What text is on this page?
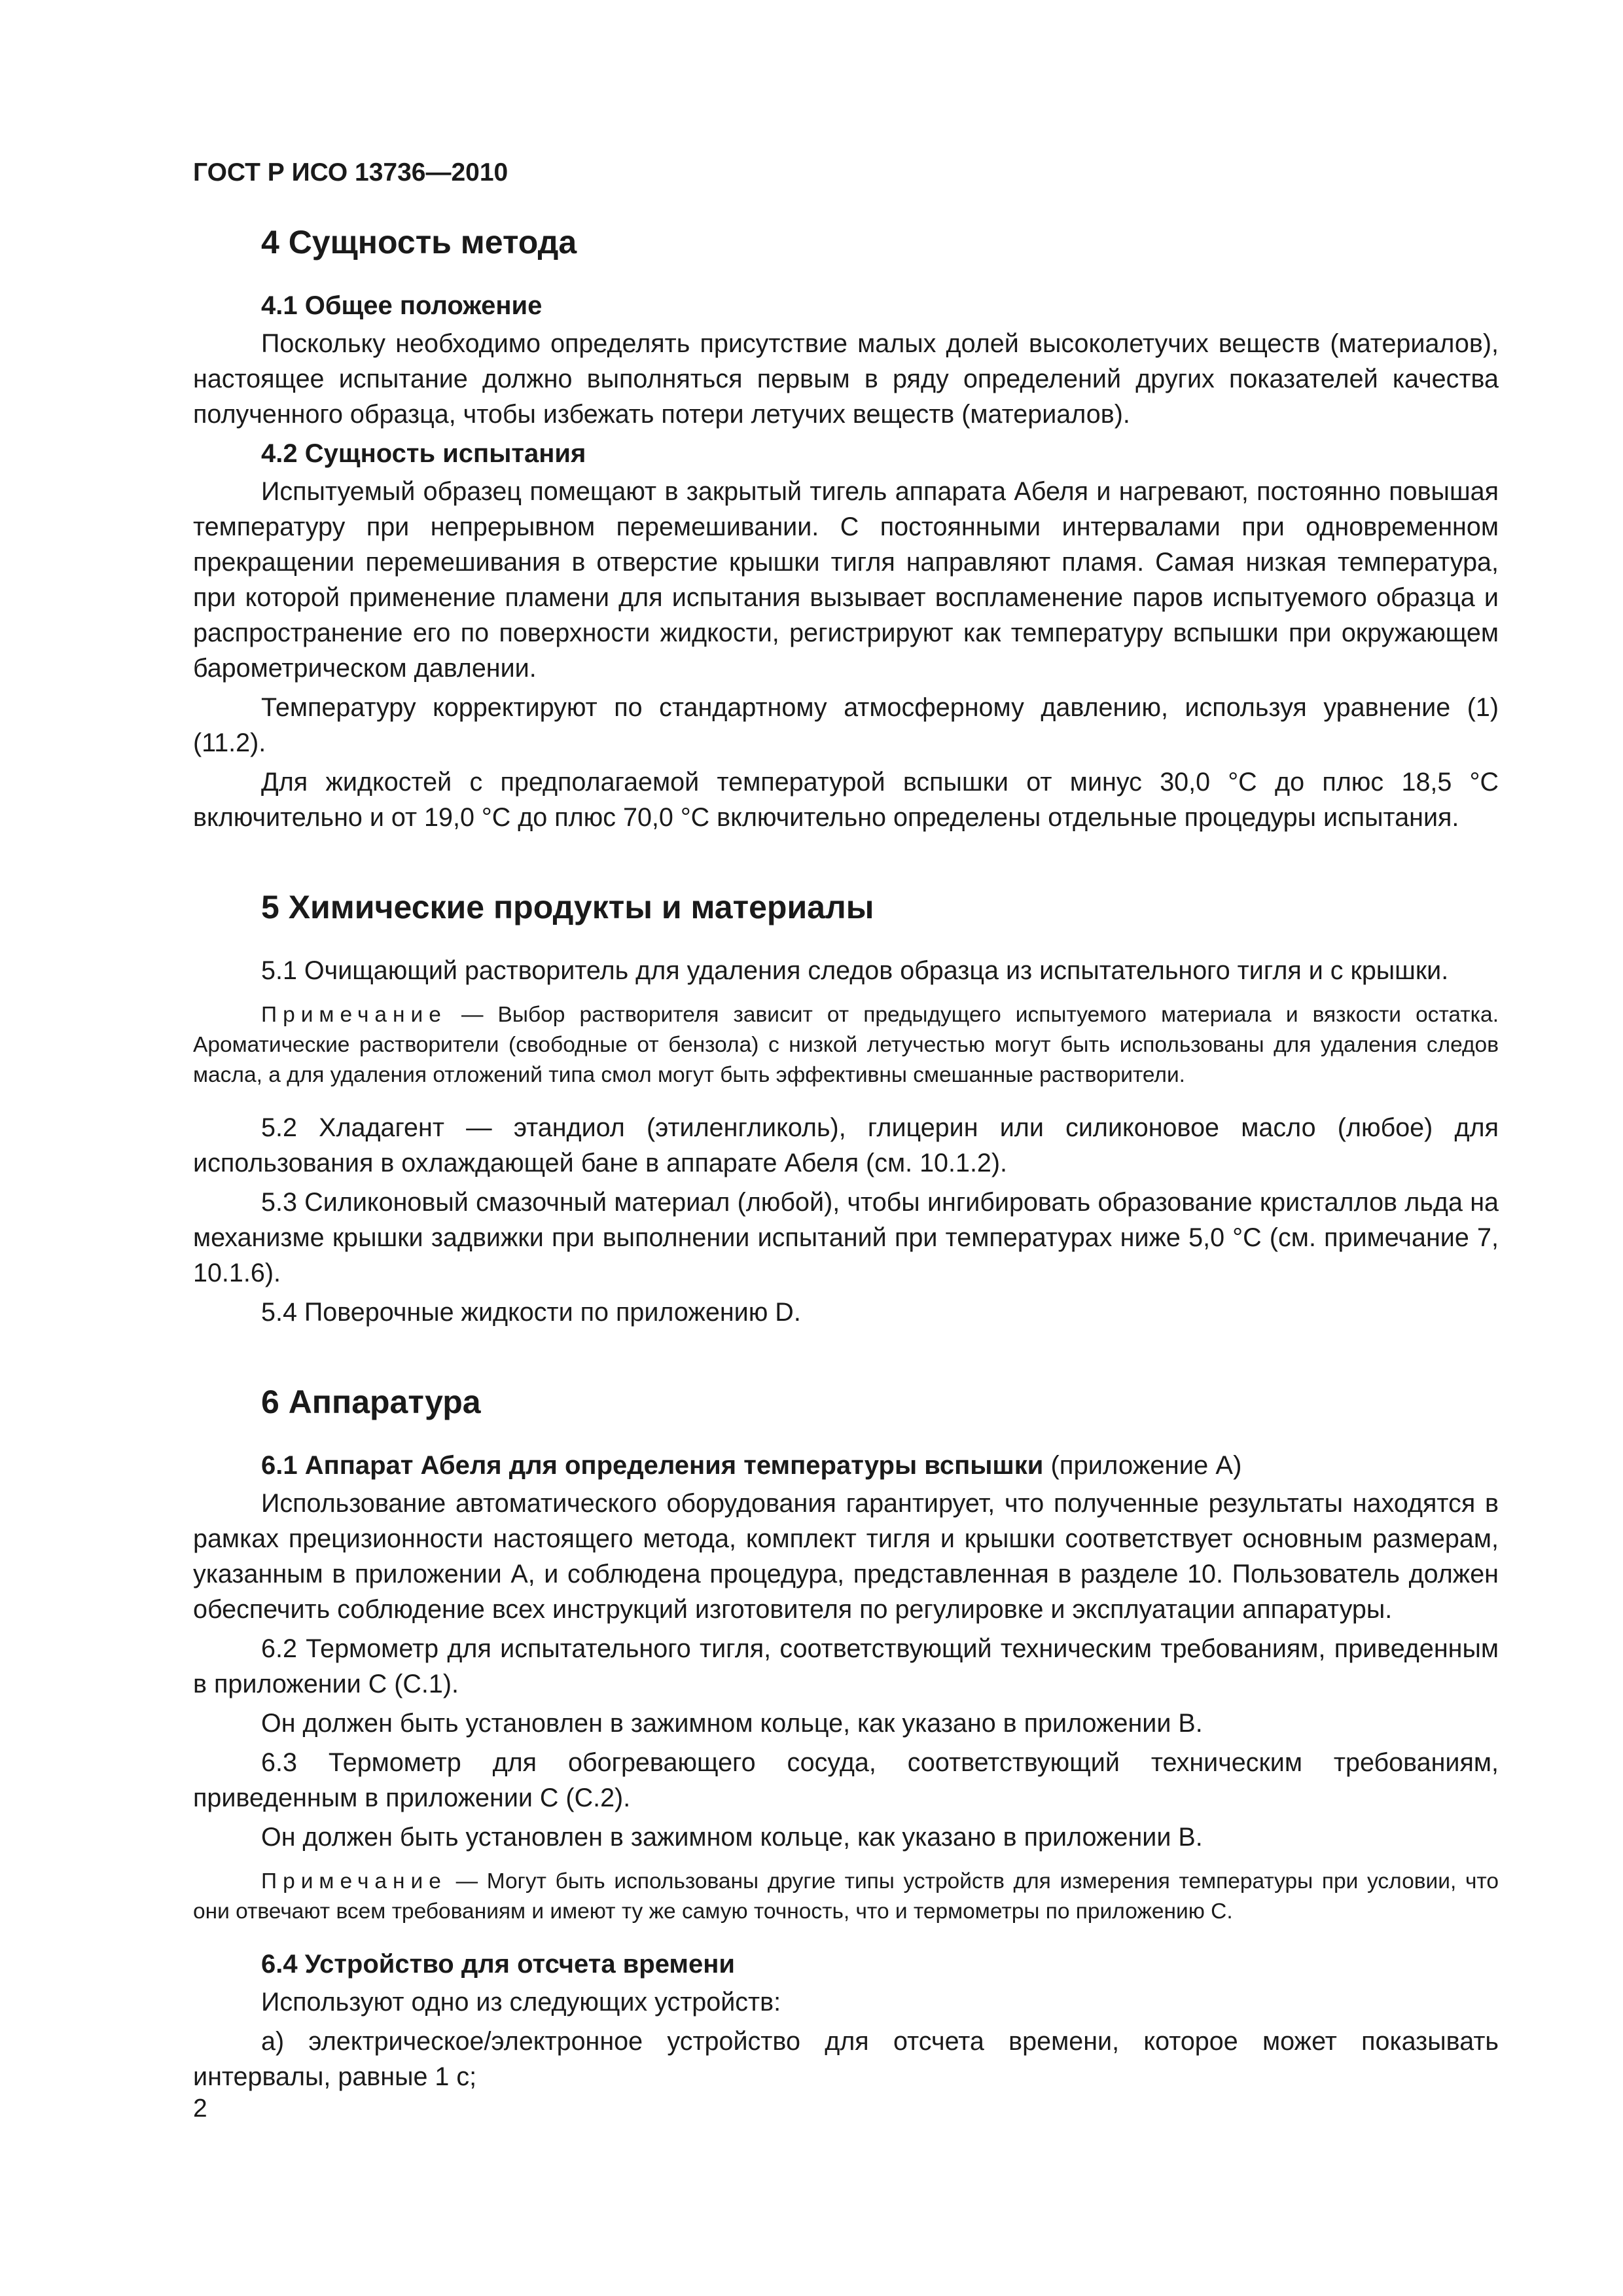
ГОСТ Р ИСО 13736—2010
4 Сущность метода
4.1 Общее положение

Поскольку необходимо определять присутствие малых долей высоколетучих веществ (материалов), настоящее испытание должно выполняться первым в ряду определений других показателей качества полученного образца, чтобы избежать потери летучих веществ (материалов).

4.2 Сущность испытания

Испытуемый образец помещают в закрытый тигель аппарата Абеля и нагревают, постоянно повышая температуру при непрерывном перемешивании. С постоянными интервалами при одновременном прекращении перемешивания в отверстие крышки тигля направляют пламя. Самая низкая температура, при которой применение пламени для испытания вызывает воспламенение паров испытуемого образца и распространение его по поверхности жидкости, регистрируют как температуру вспышки при окружающем барометрическом давлении.

Температуру корректируют по стандартному атмосферному давлению, используя уравнение (1) (11.2).

Для жидкостей с предполагаемой температурой вспышки от минус 30,0 °С до плюс 18,5 °С включительно и от 19,0 °С до плюс 70,0 °С включительно определены отдельные процедуры испытания.

5 Химические продукты и материалы

5.1 Очищающий растворитель для удаления следов образца из испытательного тигля и с крышки.

Примечание — Выбор растворителя зависит от предыдущего испытуемого материала и вязкости остатка. Ароматические растворители (свободные от бензола) с низкой летучестью могут быть использованы для удаления следов масла, а для удаления отложений типа смол могут быть эффективны смешанные растворители.

5.2 Хладагент — этандиол (этиленгликоль), глицерин или силиконовое масло (любое) для использования в охлаждающей бане в аппарате Абеля (см. 10.1.2).

5.3 Силиконовый смазочный материал (любой), чтобы ингибировать образование кристаллов льда на механизме крышки задвижки при выполнении испытаний при температурах ниже 5,0 °С (см. примечание 7, 10.1.6).

5.4 Поверочные жидкости по приложению D.

6 Аппаратура
6.1 Аппарат Абеля для определения температуры вспышки (приложение А)

Использование автоматического оборудования гарантирует, что полученные результаты находятся в рамках прецизионности настоящего метода, комплект тигля и крышки соответствует основным размерам, указанным в приложении А, и соблюдена процедура, представленная в разделе 10. Пользователь должен обеспечить соблюдение всех инструкций изготовителя по регулировке и эксплуатации аппаратуры.

6.2 Термометр для испытательного тигля, соответствующий техническим требованиям, приведенным в приложении С (С.1).

Он должен быть установлен в зажимном кольце, как указано в приложении В.

6.3 Термометр для обогревающего сосуда, соответствующий техническим требованиям, приведенным в приложении С (С.2).

Он должен быть установлен в зажимном кольце, как указано в приложении В.

Примечание — Могут быть использованы другие типы устройств для измерения температуры при условии, что они отвечают всем требованиям и имеют ту же самую точность, что и термометры по приложению С.

6.4 Устройство для отсчета времени

Используют одно из следующих устройств:

а) электрическое/электронное устройство для отсчета времени, которое может показывать интервалы, равные 1 с;

2
